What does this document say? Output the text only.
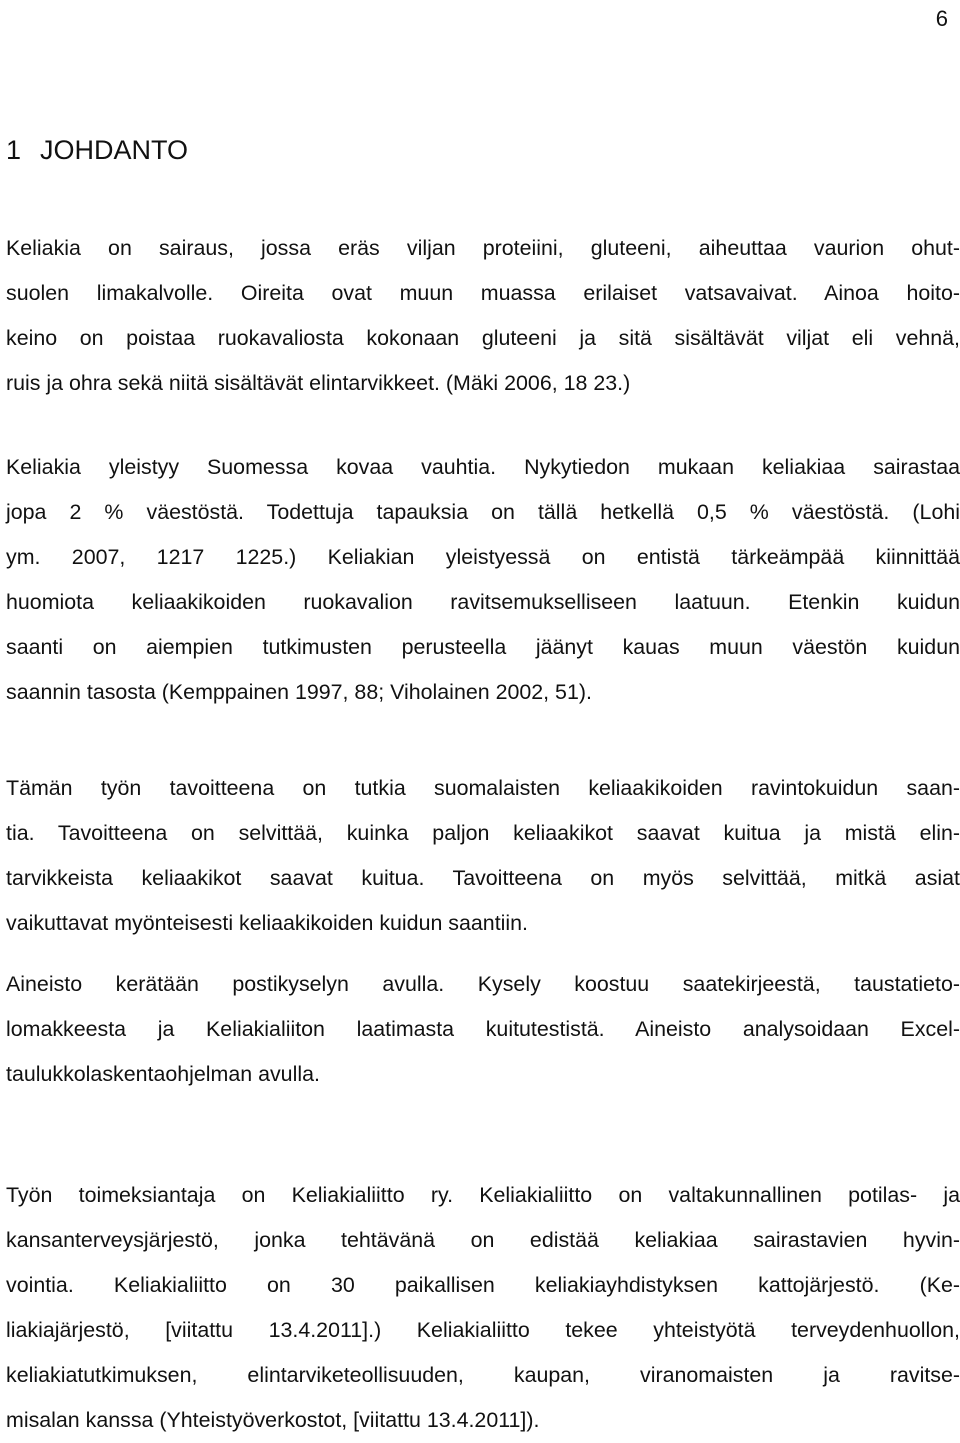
6
1 JOHDANTO
Keliakia on sairaus, jossa eräs viljan proteiini, gluteeni, aiheuttaa vaurion ohut-
suolen limakalvolle. Oireita ovat muun muassa erilaiset vatsavaivat. Ainoa hoito-
keino on poistaa ruokavaliosta kokonaan gluteeni ja sitä sisältävät viljat eli vehnä,
ruis ja ohra sekä niitä sisältävät elintarvikkeet. (Mäki 2006, 18 23.)
Keliakia yleistyy Suomessa kovaa vauhtia. Nykytiedon mukaan keliakiaa sairastaa
jopa 2 % väestöstä. Todettuja tapauksia on tällä hetkellä 0,5 % väestöstä. (Lohi
ym. 2007, 1217 1225.) Keliakian yleistyessä on entistä tärkeämpää kiinnittää
huomiota keliaakikoiden ruokavalion ravitsemukselliseen laatuun. Etenkin kuidun
saanti on aiempien tutkimusten perusteella jäänyt kauas muun väestön kuidun
saannin tasosta (Kemppainen 1997, 88; Viholainen 2002, 51).
Tämän työn tavoitteena on tutkia suomalaisten keliaakikoiden ravintokuidun saan-
tia. Tavoitteena on selvittää, kuinka paljon keliaakikot saavat kuitua ja mistä elin-
tarvikkeista keliaakikot saavat kuitua. Tavoitteena on myös selvittää, mitkä asiat
vaikuttavat myönteisesti keliaakikoiden kuidun saantiin.
Aineisto kerätään postikyselyn avulla. Kysely koostuu saatekirjeestä, taustatieto-
lomakkeesta ja Keliakialiiton laatimasta kuitutestistä. Aineisto analysoidaan Excel-
taulukkolaskentaohjelman avulla.
Työn toimeksiantaja on Keliakialiitto ry. Keliakialiitto on valtakunnallinen potilas- ja
kansanterveysjärjestö, jonka tehtävänä on edistää keliakiaa sairastavien hyvin-
vointia. Keliakialiitto on 30 paikallisen keliakiayhdistyksen kattojärjestö. (Ke-
liakiajärjestö, [viitattu 13.4.2011].) Keliakialiitto tekee yhteistyötä terveydenhuollon,
keliakiatutkimuksen, elintarviketeollisuuden, kaupan, viranomaisten ja ravitse-
misalan kanssa (Yhteistyöverkostot, [viitattu 13.4.2011]).
